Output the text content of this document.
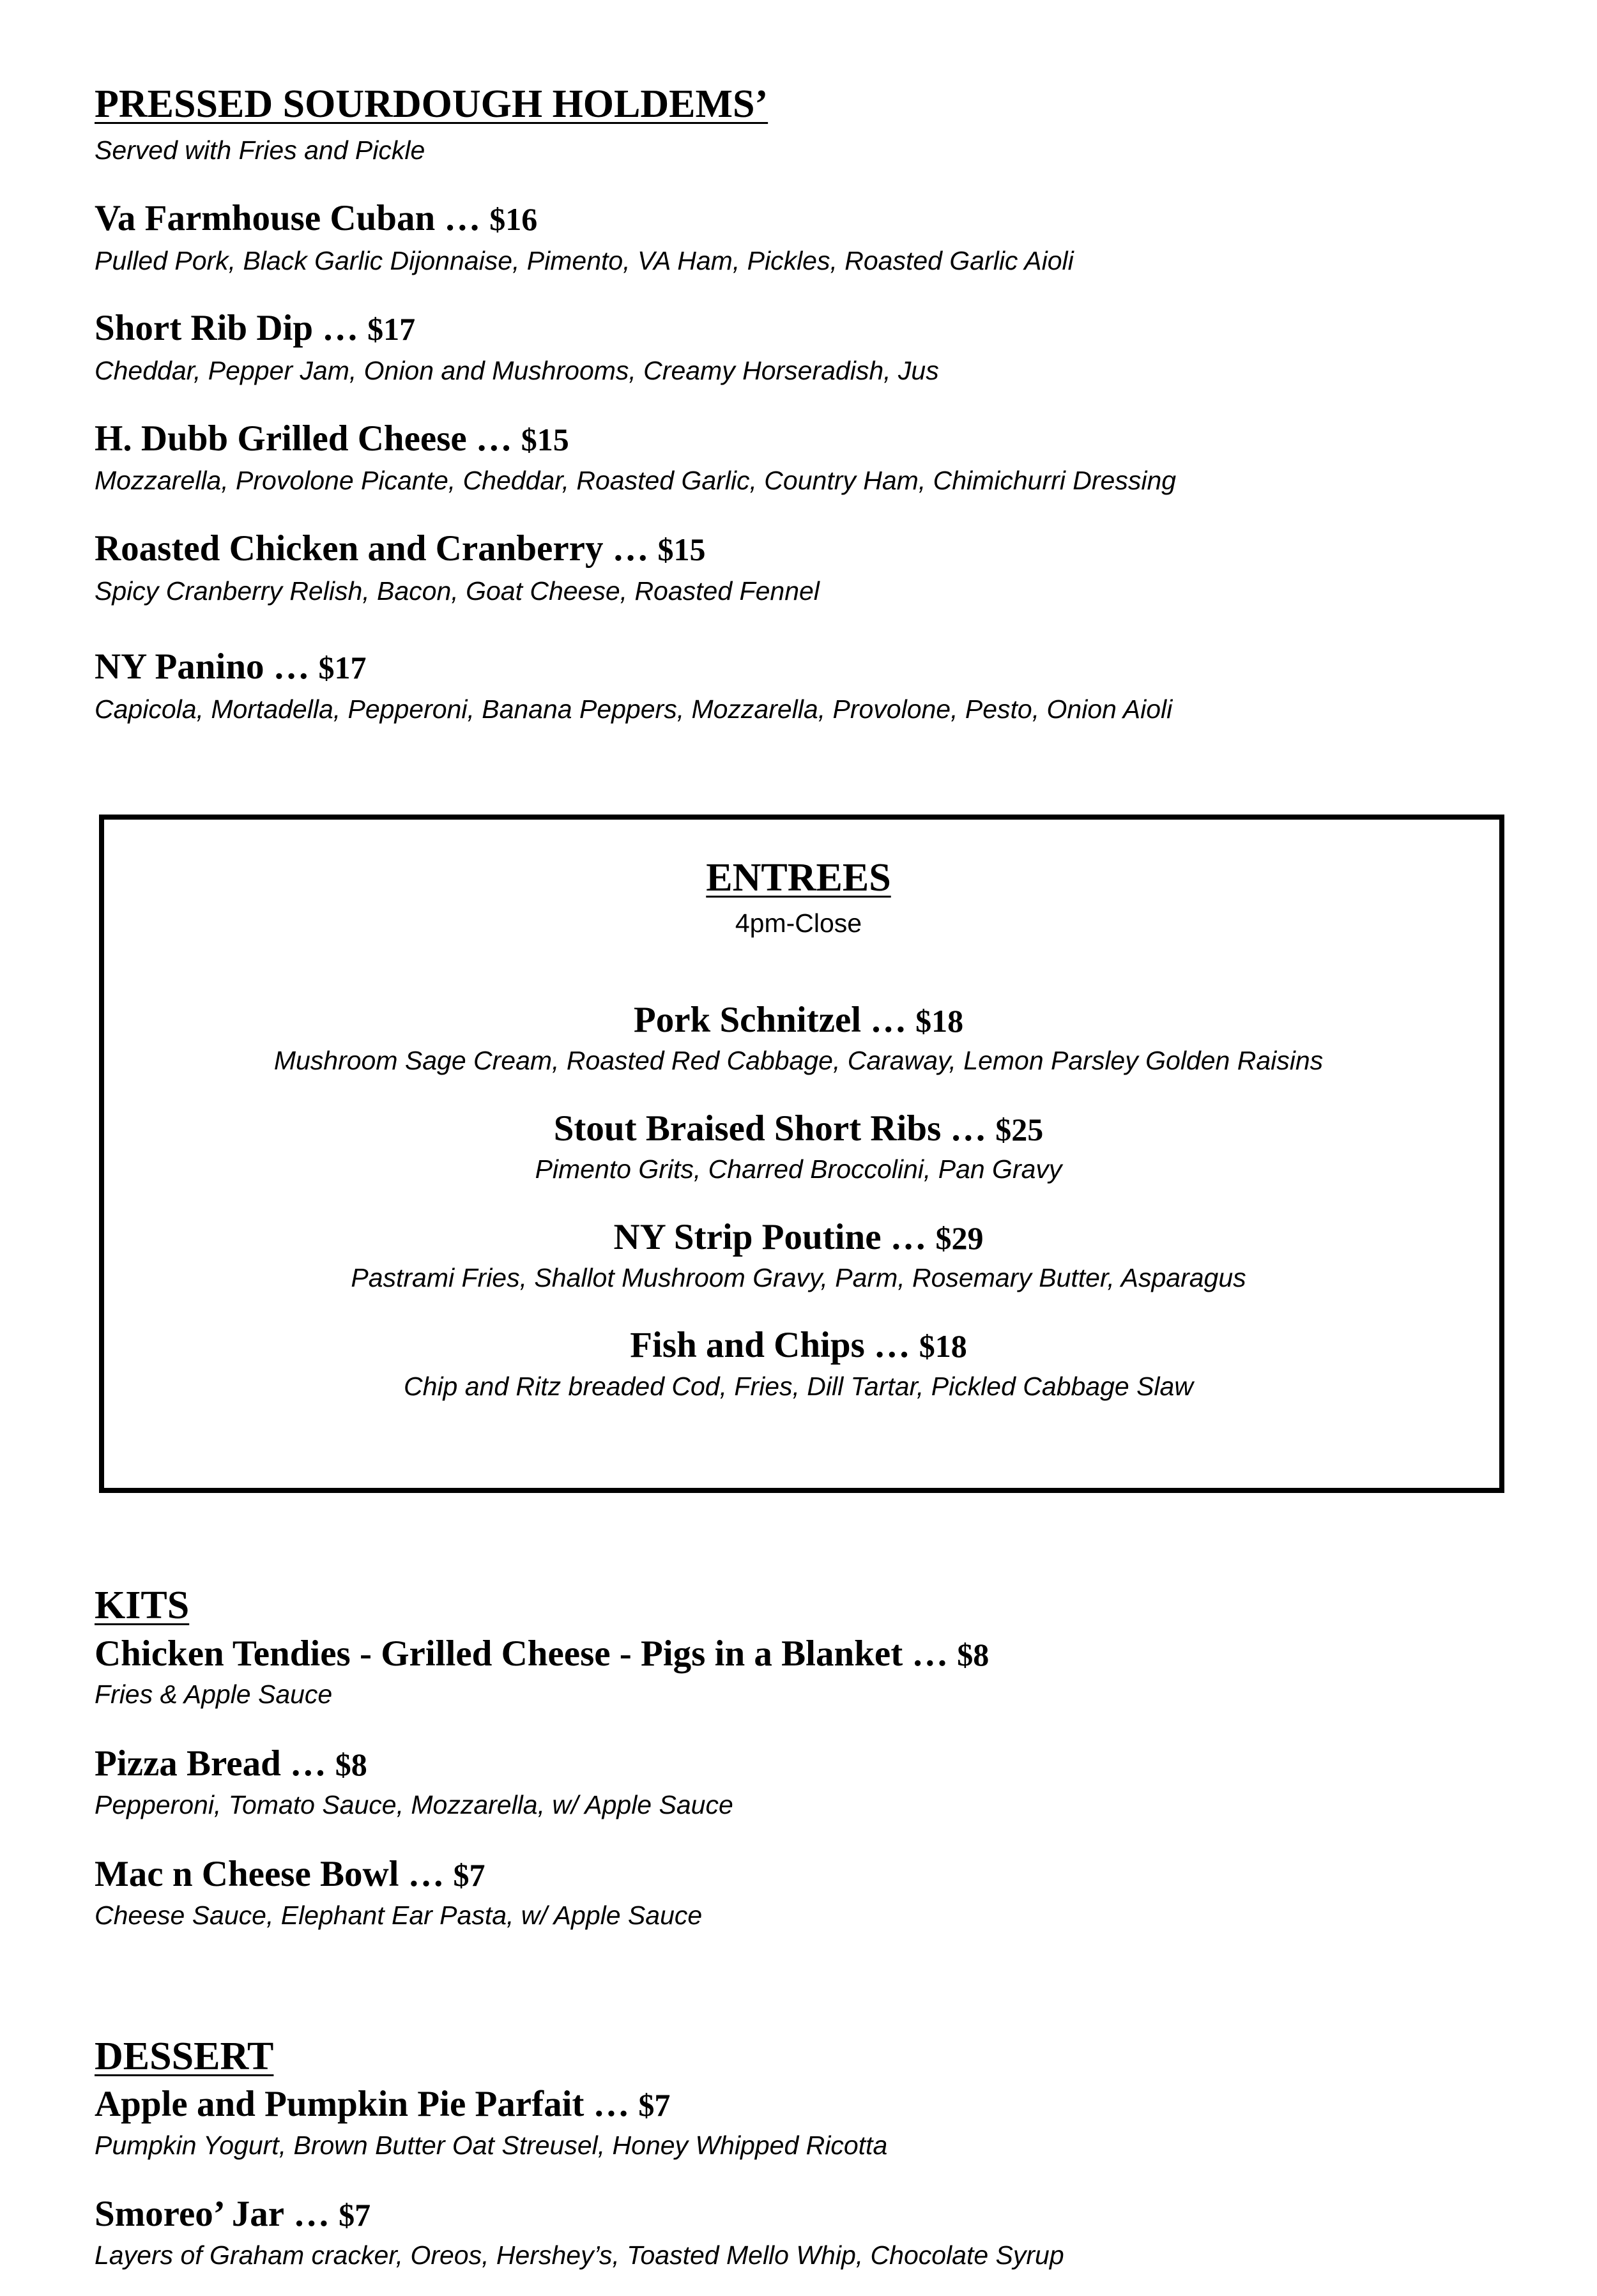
PRESSED SOURDOUGH HOLDEMS’
Served with Fries and Pickle
Va Farmhouse Cuban … $16
Pulled Pork, Black Garlic Dijonnaise, Pimento, VA Ham, Pickles, Roasted Garlic Aioli
Short Rib Dip … $17
Cheddar, Pepper Jam, Onion and Mushrooms, Creamy Horseradish, Jus
H. Dubb Grilled Cheese … $15
Mozzarella, Provolone Picante, Cheddar, Roasted Garlic, Country Ham, Chimichurri Dressing
Roasted Chicken and Cranberry … $15
Spicy Cranberry Relish, Bacon, Goat Cheese, Roasted Fennel
NY Panino … $17
Capicola, Mortadella, Pepperoni, Banana Peppers, Mozzarella, Provolone, Pesto, Onion Aioli
ENTREES
4pm-Close
Pork Schnitzel … $18
Mushroom Sage Cream, Roasted Red Cabbage, Caraway, Lemon Parsley Golden Raisins
Stout Braised Short Ribs … $25
Pimento Grits, Charred Broccolini, Pan Gravy
NY Strip Poutine … $29
Pastrami Fries, Shallot Mushroom Gravy, Parm, Rosemary Butter, Asparagus
Fish and Chips … $18
Chip and Ritz breaded Cod, Fries, Dill Tartar, Pickled Cabbage Slaw
KITS
Chicken Tendies - Grilled Cheese - Pigs in a Blanket … $8
Fries & Apple Sauce
Pizza Bread … $8
Pepperoni, Tomato Sauce, Mozzarella, w/ Apple Sauce
Mac n Cheese Bowl … $7
Cheese Sauce, Elephant Ear Pasta, w/ Apple Sauce
DESSERT
Apple and Pumpkin Pie Parfait … $7
Pumpkin Yogurt, Brown Butter Oat Streusel, Honey Whipped Ricotta
Smoreo’ Jar … $7
Layers of Graham cracker, Oreos, Hershey’s, Toasted Mello Whip, Chocolate Syrup
